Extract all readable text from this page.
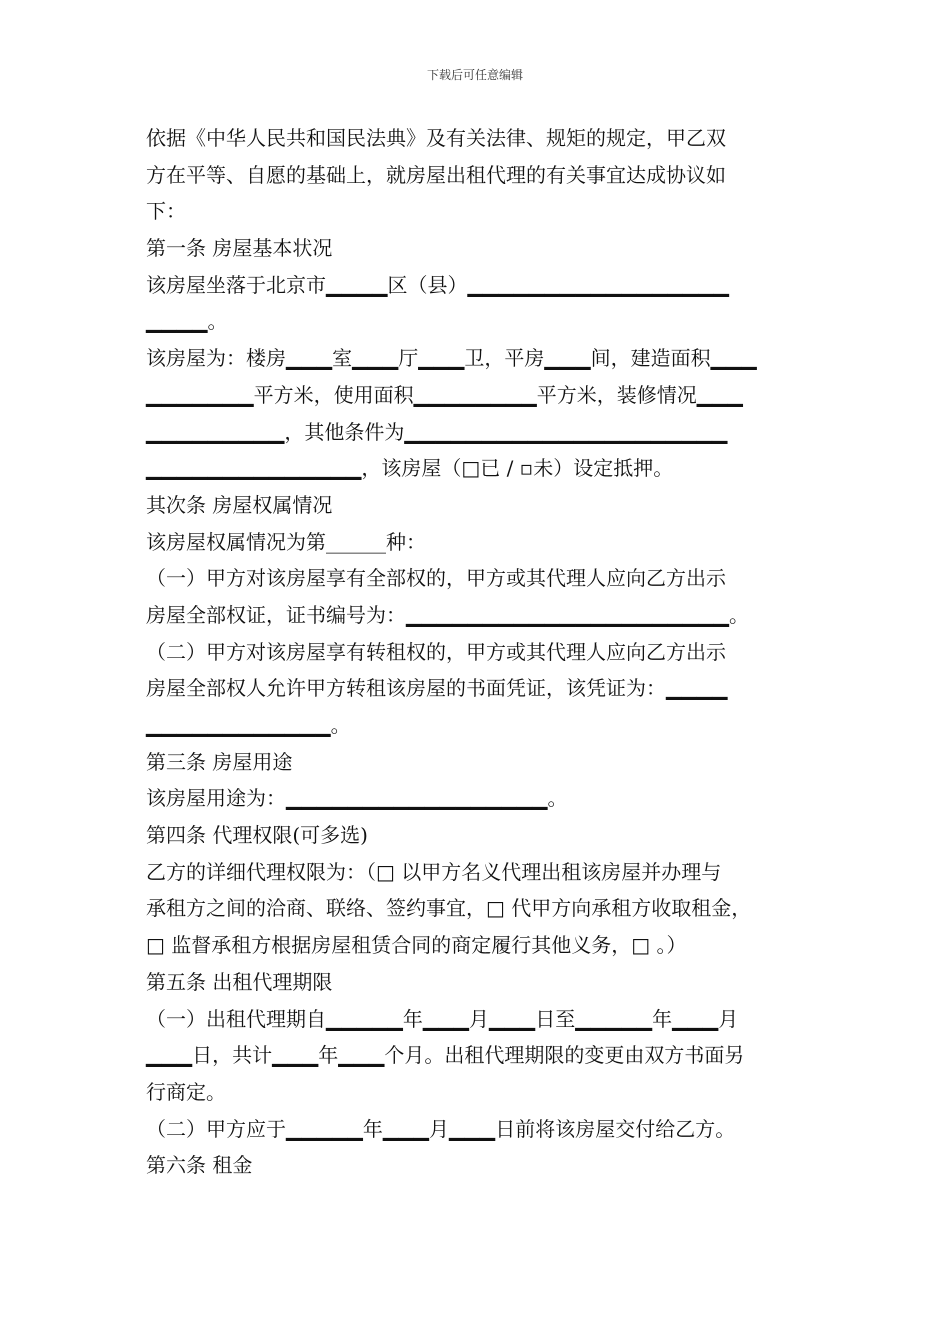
下载后可任意编辑
依据《中华人民共和国民法典》及有关法律、规矩的规定，甲乙双
方在平等、自愿的基础上，就房屋出租代理的有关事宜达成协议如
下：
第一条 房屋基本状况
该房屋坐落于北京市▁▁▁▁区（县）▁▁▁▁▁▁▁▁▁▁▁▁▁▁▁▁▁
▁▁▁▁。
该房屋为：楼房▁▁▁室▁▁▁厅▁▁▁卫，平房▁▁▁间，建造面积▁▁▁
▁▁▁▁▁▁▁平方米，使用面积▁▁▁▁▁▁▁▁平方米，装修情况▁▁▁
▁▁▁▁▁▁▁▁▁，其他条件为▁▁▁▁▁▁▁▁▁▁▁▁▁▁▁▁▁▁▁▁▁
▁▁▁▁▁▁▁▁▁▁▁▁▁▁，该房屋（□已 / ▫未）设定抵押。
其次条 房屋权属情况
该房屋权属情况为第______种：
（一）甲方对该房屋享有全部权的，甲方或其代理人应向乙方出示
房屋全部权证，证书编号为：▁▁▁▁▁▁▁▁▁▁▁▁▁▁▁▁▁▁▁▁▁。
（二）甲方对该房屋享有转租权的，甲方或其代理人应向乙方出示
房屋全部权人允许甲方转租该房屋的书面凭证，该凭证为：▁▁▁▁
▁▁▁▁▁▁▁▁▁▁▁▁。
第三条 房屋用途
该房屋用途为：▁▁▁▁▁▁▁▁▁▁▁▁▁▁▁▁▁。
第四条 代理权限(可多选)
乙方的详细代理权限为：（□ 以甲方名义代理出租该房屋并办理与
承租方之间的洽商、联络、签约事宜，□ 代甲方向承租方收取租金，
□ 监督承租方根据房屋租赁合同的商定履行其他义务，□ 。）
第五条 出租代理期限
（一）出租代理期自▁▁▁▁▁年▁▁▁月▁▁▁日至▁▁▁▁▁年▁▁▁月
▁▁▁日，共计▁▁▁年▁▁▁个月。出租代理期限的变更由双方书面另
行商定。
（二）甲方应于▁▁▁▁▁年▁▁▁月▁▁▁日前将该房屋交付给乙方。
第六条 租金
